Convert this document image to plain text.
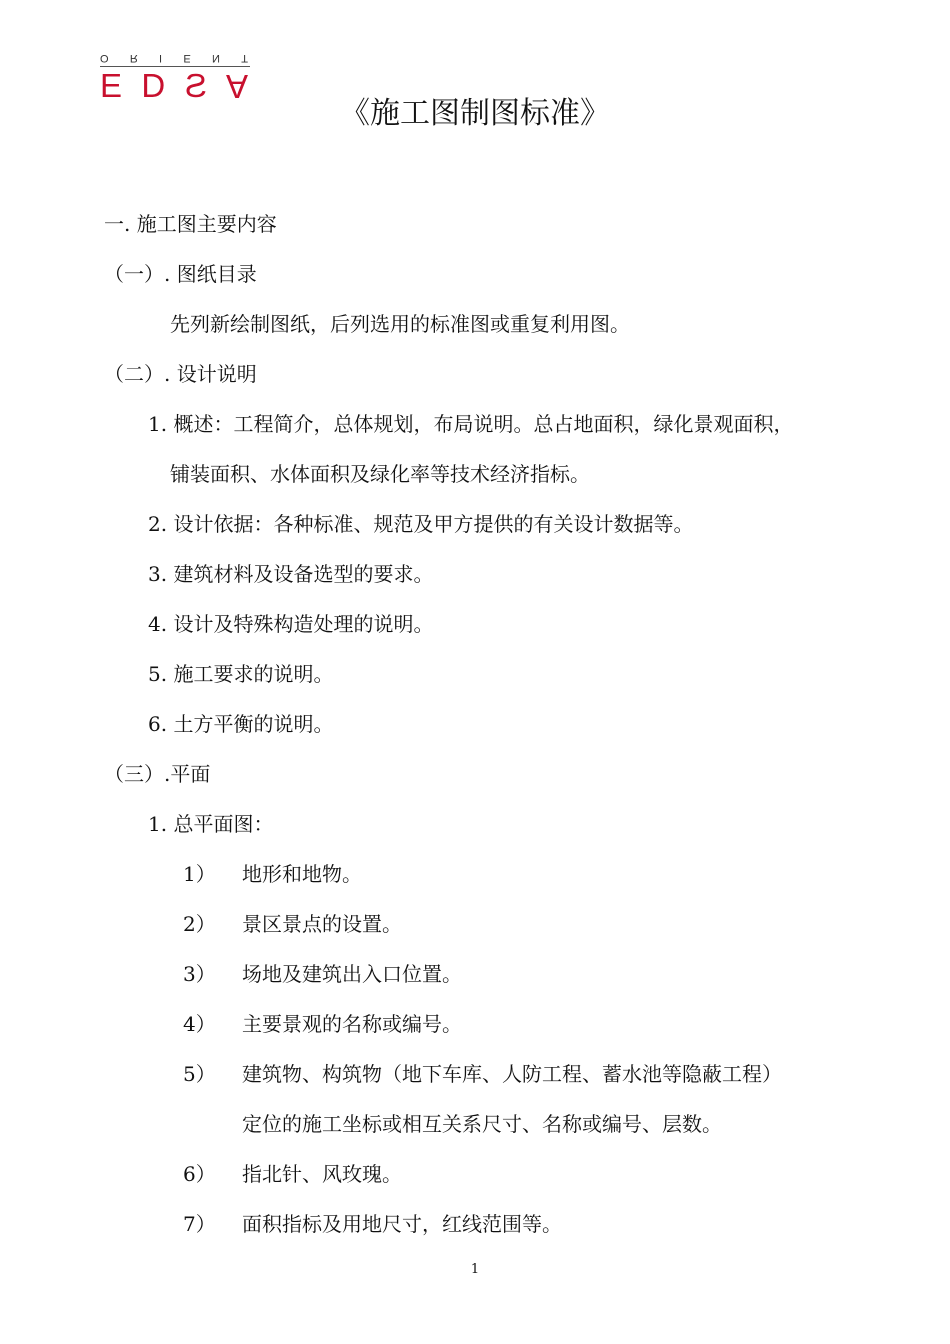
O R I E N T
E D S A
《施工图制图标准》
一. 施工图主要内容
（一）. 图纸目录
先列新绘制图纸，后列选用的标准图或重复利用图。
（二）. 设计说明
1. 概述：工程简介，总体规划，布局说明。总占地面积，绿化景观面积，
铺装面积、水体面积及绿化率等技术经济指标。
2. 设计依据：各种标准、规范及甲方提供的有关设计数据等。
3. 建筑材料及设备选型的要求。
4. 设计及特殊构造处理的说明。
5. 施工要求的说明。
6. 土方平衡的说明。
（三）.平面
1. 总平面图：
1） 地形和地物。
2） 景区景点的设置。
3） 场地及建筑出入口位置。
4） 主要景观的名称或编号。
5） 建筑物、构筑物（地下车库、人防工程、蓄水池等隐蔽工程）
定位的施工坐标或相互关系尺寸、名称或编号、层数。
6） 指北针、风玫瑰。
7） 面积指标及用地尺寸，红线范围等。
1
